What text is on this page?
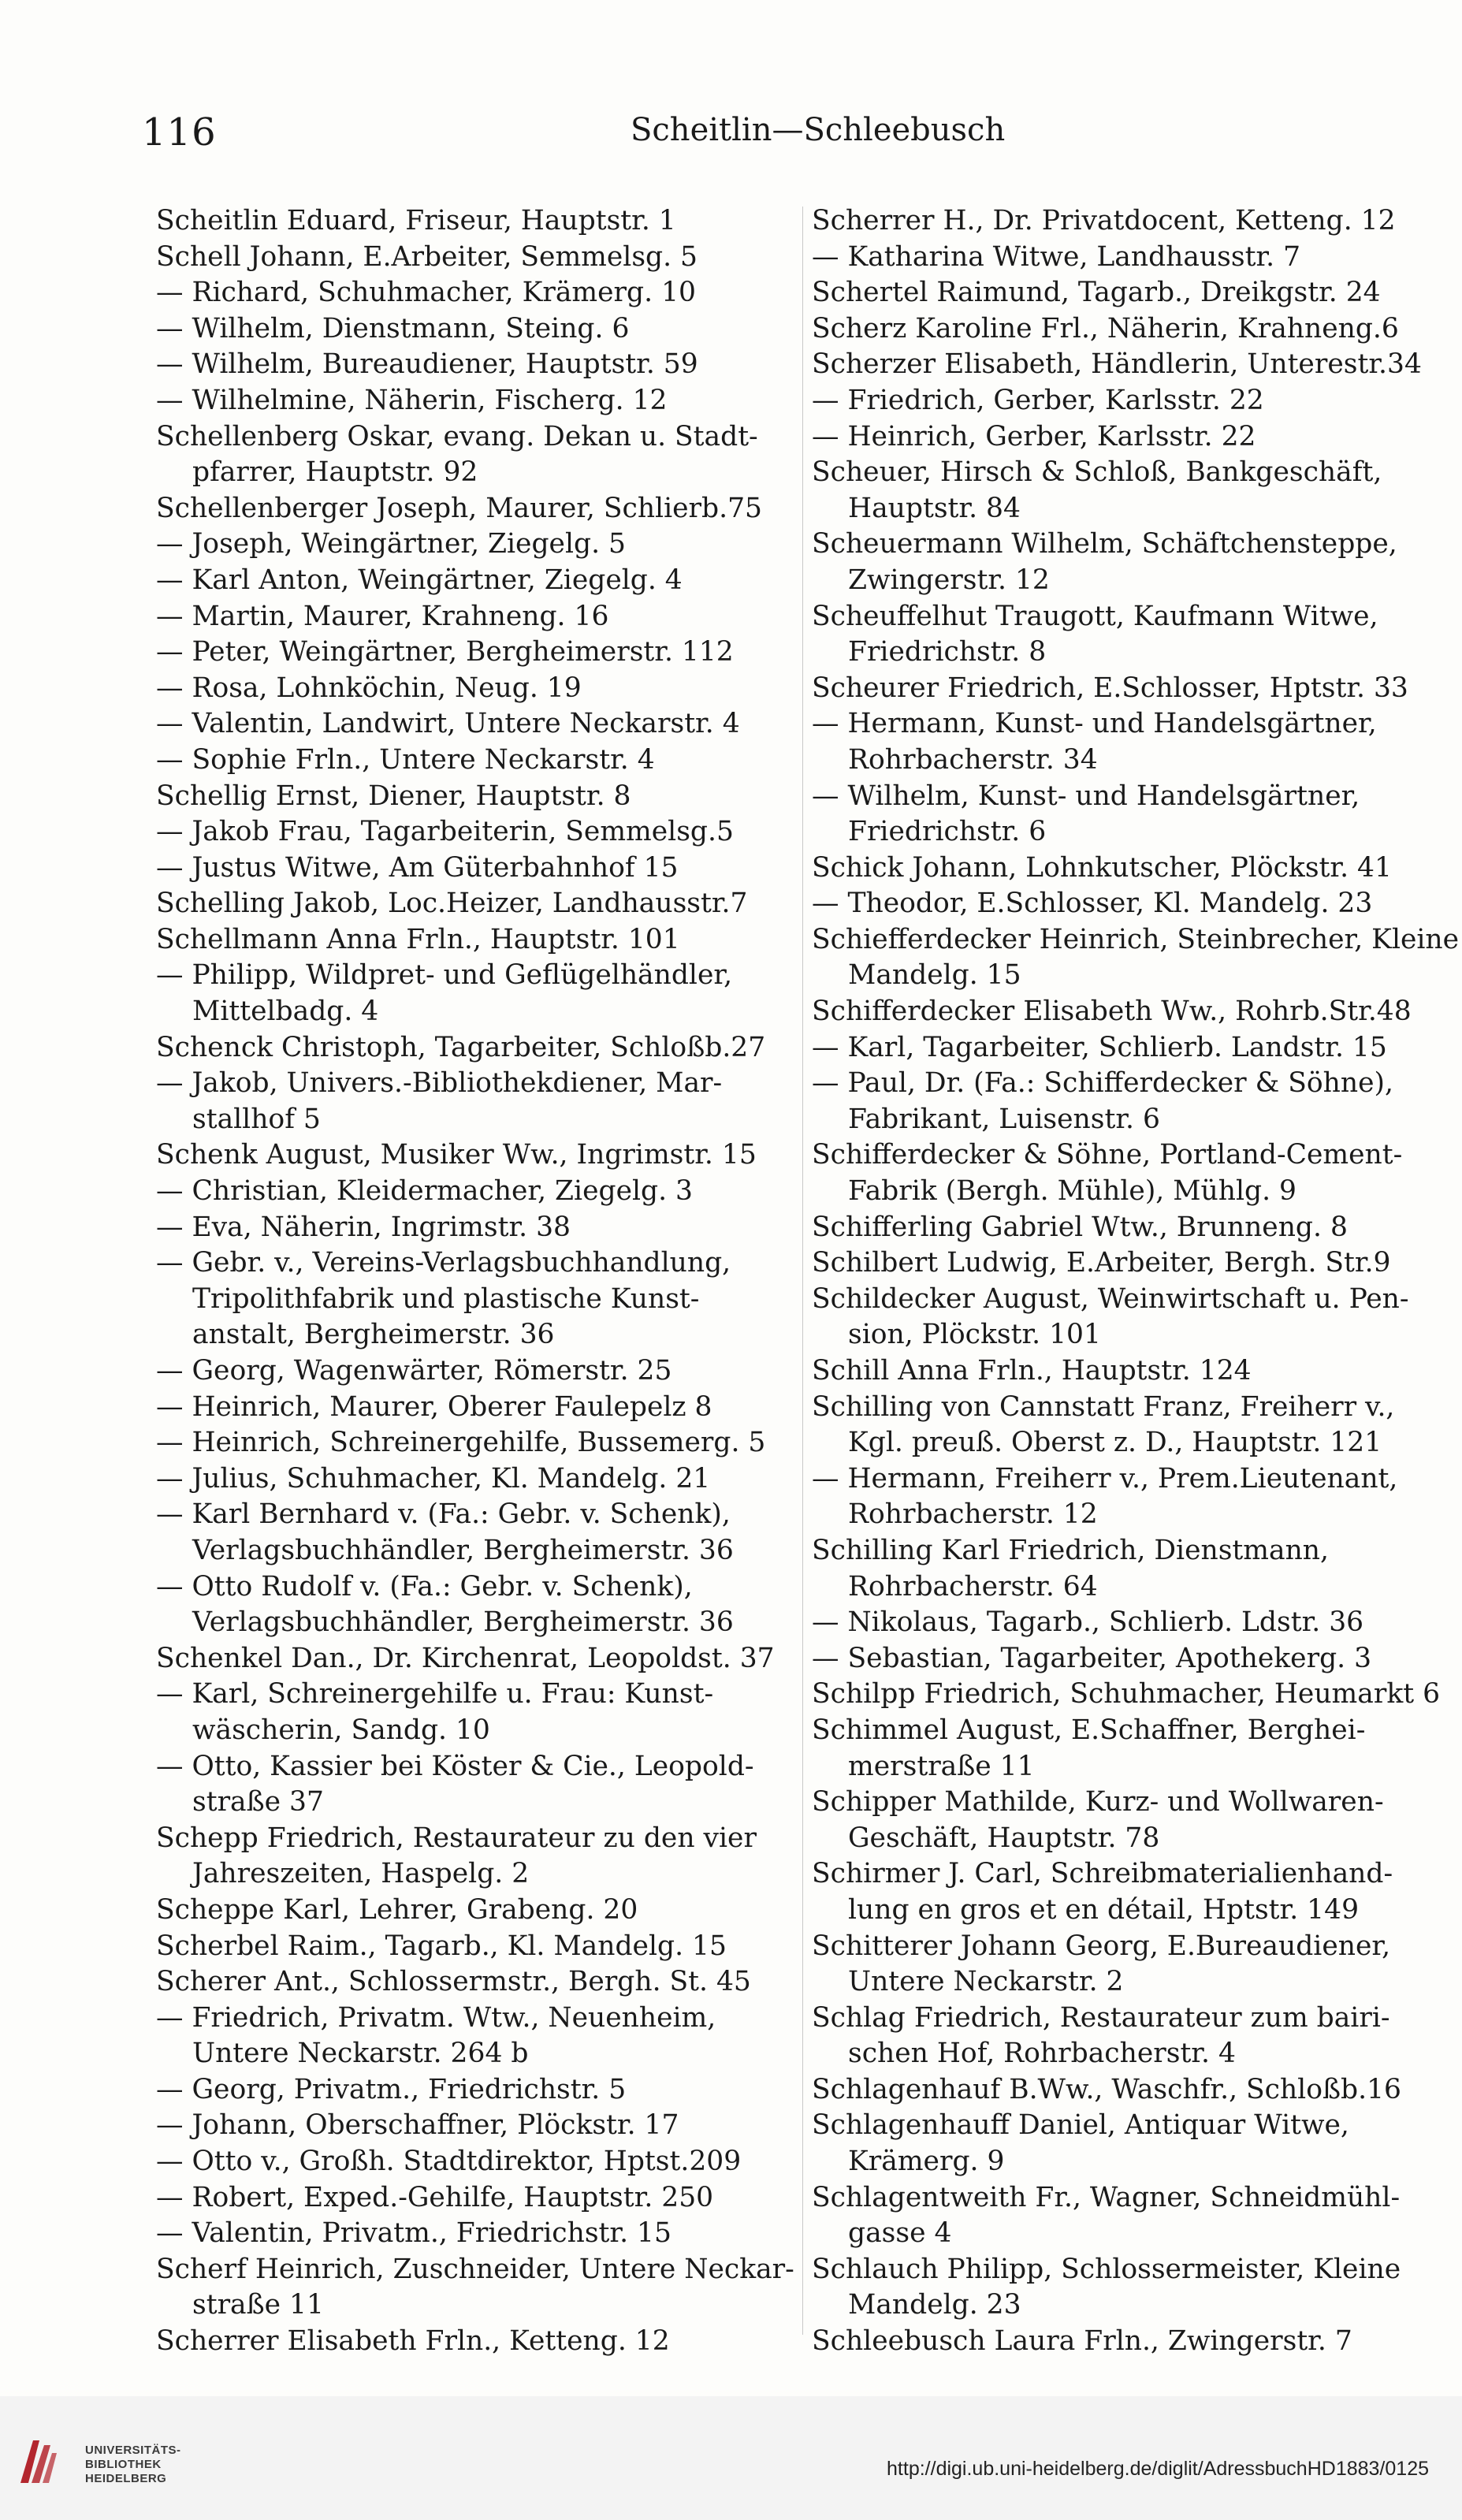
116	Scheitlin—Schleebusch
Scheitlin Eduard, Friseur, Hauptstr. 1
Schell Johann, E.Arbeiter, Semmelsg. 5
— Richard, Schuhmacher, Krämerg. 10
— Wilhelm, Dienstmann, Steing. 6
— Wilhelm, Bureaudiener, Hauptstr. 59
— Wilhelmine, Näherin, Fischerg. 12
Schellenberg Oskar, evang. Dekan u. Stadt-
pfarrer, Hauptstr. 92
Schellenberger Joseph, Maurer, Schlierb.75
— Joseph, Weingärtner, Ziegelg. 5
— Karl Anton, Weingärtner, Ziegelg. 4
— Martin, Maurer, Krahneng. 16
— Peter, Weingärtner, Bergheimerstr. 112
— Rosa, Lohnköchin, Neug. 19
— Valentin, Landwirt, Untere Neckarstr. 4
— Sophie Frln., Untere Neckarstr. 4
Schellig Ernst, Diener, Hauptstr. 8
— Jakob Frau, Tagarbeiterin, Semmelsg.5
— Justus Witwe, Am Güterbahnhof 15
Schelling Jakob, Loc.Heizer, Landhausstr.7
Schellmann Anna Frln., Hauptstr. 101
— Philipp, Wildpret- und Geflügelhändler,
Mittelbadg. 4
Schenck Christoph, Tagarbeiter, Schloßb.27
— Jakob, Univers.-Bibliothekdiener, Mar-
stallhof 5
Schenk August, Musiker Ww., Ingrimstr. 15
— Christian, Kleidermacher, Ziegelg. 3
— Eva, Näherin, Ingrimstr. 38
— Gebr. v., Vereins-Verlagsbuchhandlung,
Tripolithfabrik und plastische Kunst-
anstalt, Bergheimerstr. 36
— Georg, Wagenwärter, Römerstr. 25
— Heinrich, Maurer, Oberer Faulepelz 8
— Heinrich, Schreinergehilfe, Bussemerg. 5
— Julius, Schuhmacher, Kl. Mandelg. 21
— Karl Bernhard v. (Fa.: Gebr. v. Schenk),
Verlagsbuchhändler, Bergheimerstr. 36
— Otto Rudolf v. (Fa.: Gebr. v. Schenk),
Verlagsbuchhändler, Bergheimerstr. 36
Schenkel Dan., Dr. Kirchenrat, Leopoldst. 37
— Karl, Schreinergehilfe u. Frau: Kunst-
wäscherin, Sandg. 10
— Otto, Kassier bei Köster & Cie., Leopold-
straße 37
Schepp Friedrich, Restaurateur zu den vier
Jahreszeiten, Haspelg. 2
Scheppe Karl, Lehrer, Grabeng. 20
Scherbel Raim., Tagarb., Kl. Mandelg. 15
Scherer Ant., Schlossermstr., Bergh. St. 45
— Friedrich, Privatm. Wtw., Neuenheim,
Untere Neckarstr. 264 b
— Georg, Privatm., Friedrichstr. 5
— Johann, Oberschaffner, Plöckstr. 17
— Otto v., Großh. Stadtdirektor, Hptst.209
— Robert, Exped.-Gehilfe, Hauptstr. 250
— Valentin, Privatm., Friedrichstr. 15
Scherf Heinrich, Zuschneider, Untere Neckar-
straße 11
Scherrer Elisabeth Frln., Ketteng. 12
Scherrer H., Dr. Privatdocent, Ketteng. 12
— Katharina Witwe, Landhausstr. 7
Schertel Raimund, Tagarb., Dreikgstr. 24
Scherz Karoline Frl., Näherin, Krahneng.6
Scherzer Elisabeth, Händlerin, Unterestr.34
— Friedrich, Gerber, Karlsstr. 22
— Heinrich, Gerber, Karlsstr. 22
Scheuer, Hirsch & Schloß, Bankgeschäft,
Hauptstr. 84
Scheuermann Wilhelm, Schäftchensteppe,
Zwingerstr. 12
Scheuffelhut Traugott, Kaufmann Witwe,
Friedrichstr. 8
Scheurer Friedrich, E.Schlosser, Hptstr. 33
— Hermann, Kunst- und Handelsgärtner,
Rohrbacherstr. 34
— Wilhelm, Kunst- und Handelsgärtner,
Friedrichstr. 6
Schick Johann, Lohnkutscher, Plöckstr. 41
— Theodor, E.Schlosser, Kl. Mandelg. 23
Schiefferdecker Heinrich, Steinbrecher, Kleine
Mandelg. 15
Schifferdecker Elisabeth Ww., Rohrb.Str.48
— Karl, Tagarbeiter, Schlierb. Landstr. 15
— Paul, Dr. (Fa.: Schifferdecker & Söhne),
Fabrikant, Luisenstr. 6
Schifferdecker & Söhne, Portland-Cement-
Fabrik (Bergh. Mühle), Mühlg. 9
Schifferling Gabriel Wtw., Brunneng. 8
Schilbert Ludwig, E.Arbeiter, Bergh. Str.9
Schildecker August, Weinwirtschaft u. Pen-
sion, Plöckstr. 101
Schill Anna Frln., Hauptstr. 124
Schilling von Cannstatt Franz, Freiherr v.,
Kgl. preuß. Oberst z. D., Hauptstr. 121
— Hermann, Freiherr v., Prem.Lieutenant,
Rohrbacherstr. 12
Schilling Karl Friedrich, Dienstmann,
Rohrbacherstr. 64
— Nikolaus, Tagarb., Schlierb. Ldstr. 36
— Sebastian, Tagarbeiter, Apothekerg. 3
Schilpp Friedrich, Schuhmacher, Heumarkt 6
Schimmel August, E.Schaffner, Berghei-
merstraße 11
Schipper Mathilde, Kurz- und Wollwaren-
Geschäft, Hauptstr. 78
Schirmer J. Carl, Schreibmaterialienhand-
lung en gros et en détail, Hptstr. 149
Schitterer Johann Georg, E.Bureaudiener,
Untere Neckarstr. 2
Schlag Friedrich, Restaurateur zum bairi-
schen Hof, Rohrbacherstr. 4
Schlagenhauf B.Ww., Waschfr., Schloßb.16
Schlagenhauff Daniel, Antiquar Witwe,
Krämerg. 9
Schlagentweith Fr., Wagner, Schneidmühl-
gasse 4
Schlauch Philipp, Schlossermeister, Kleine
Mandelg. 23
Schleebusch Laura Frln., Zwingerstr. 7
UNIVERSITÄTS-
BIBLIOTHEK
HEIDELBERG	http://digi.ub.uni-heidelberg.de/diglit/AdressbuchHD1883/0125
